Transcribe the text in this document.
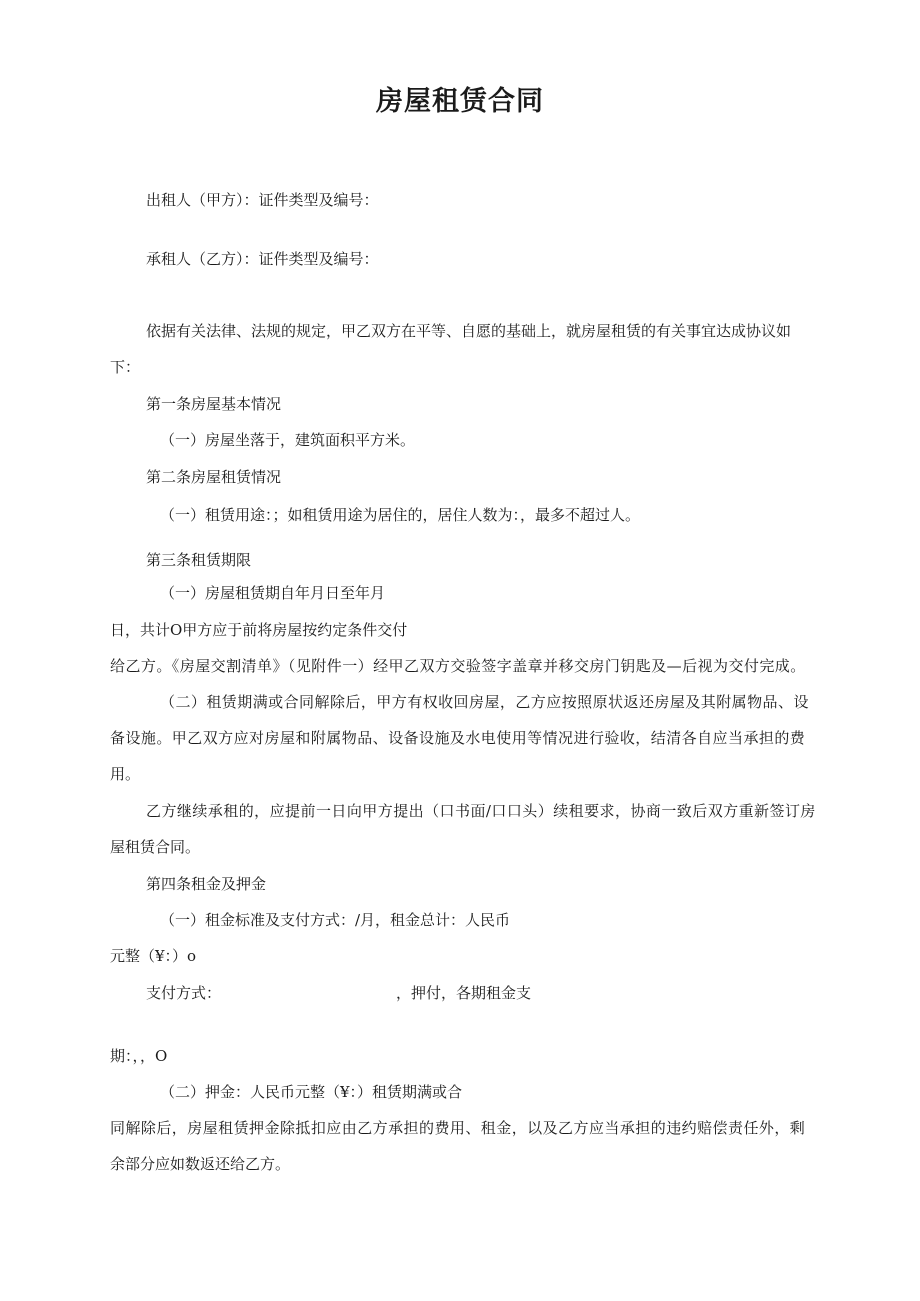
房屋租赁合同

出租人（甲方）：证件类型及编号：

承租人（乙方）：证件类型及编号：

依据有关法律、法规的规定，甲乙双方在平等、自愿的基础上，就房屋租赁的有关事宜达成协议如

下：

第一条房屋基本情况

（一）房屋坐落于，建筑面积平方米。

第二条房屋租赁情况

（一）租赁用途：；如租赁用途为居住的，居住人数为：，最多不超过人。

第三条租赁期限

（一）房屋租赁期自年月日至年月

日，共计O甲方应于前将房屋按约定条件交付

给乙方。《房屋交割清单》（见附件一）经甲乙双方交验签字盖章并移交房门钥匙及—后视为交付完成。

（二）租赁期满或合同解除后，甲方有权收回房屋，乙方应按照原状返还房屋及其附属物品、设

备设施。甲乙双方应对房屋和附属物品、设备设施及水电使用等情况进行验收，结清各自应当承担的费

用。

乙方继续承租的，应提前一日向甲方提出（口书面/口口头）续租要求，协商一致后双方重新签订房

屋租赁合同。

第四条租金及押金

（一）租金标准及支付方式：/月，租金总计：人民币

元整（¥：）o

支付方式：	，押付，各期租金支

期：，，O

（二）押金：人民币元整（¥：）租赁期满或合

同解除后，房屋租赁押金除抵扣应由乙方承担的费用、租金，以及乙方应当承担的违约赔偿责任外，剩

余部分应如数返还给乙方。
